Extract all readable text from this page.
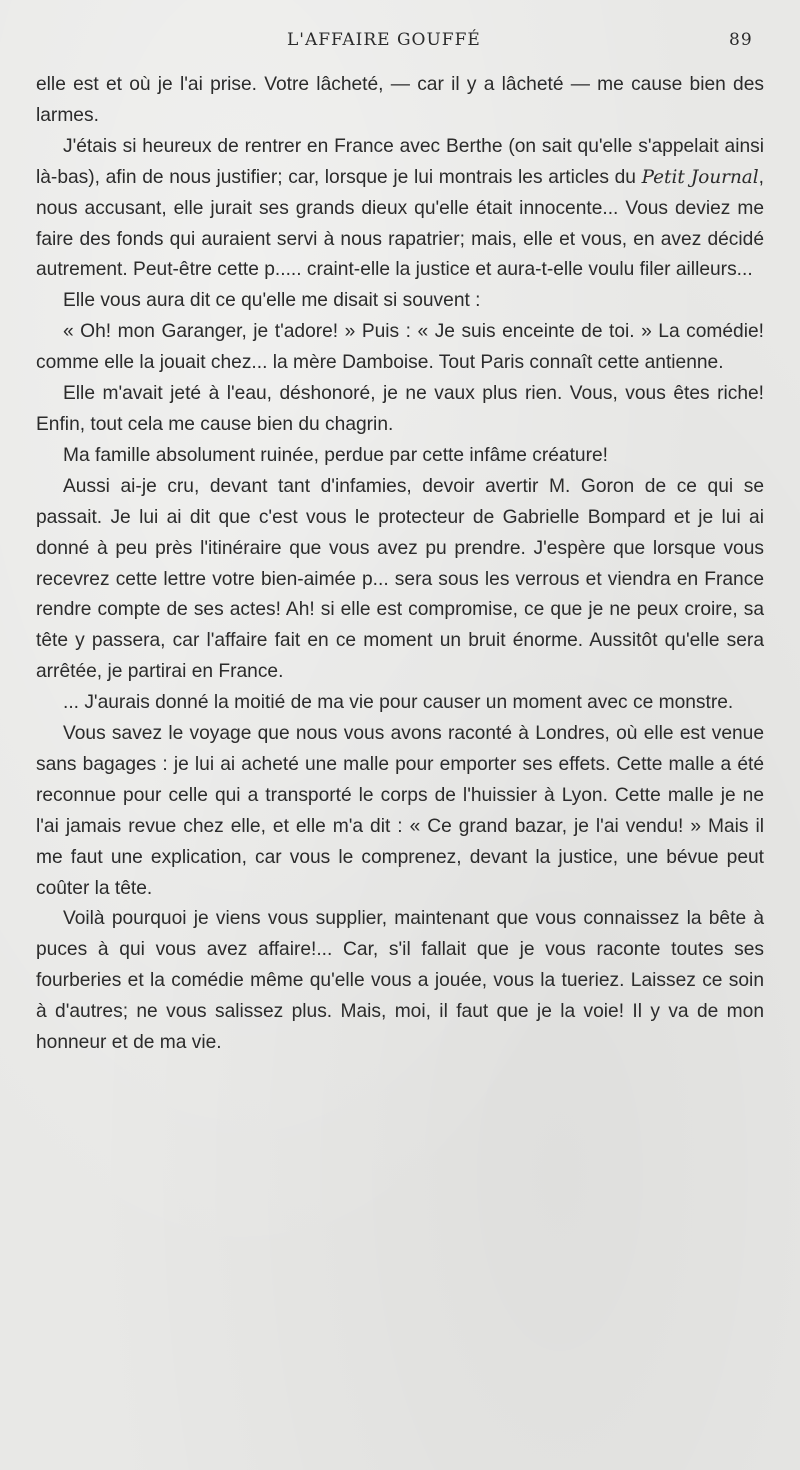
L'AFFAIRE GOUFFÉ	89

elle est et où je l'ai prise. Votre lâcheté, — car il y a lâcheté — me cause bien des larmes.

J'étais si heureux de rentrer en France avec Berthe (on sait qu'elle s'appelait ainsi là-bas), afin de nous justifier; car, lorsque je lui montrais les articles du Petit Journal, nous accusant, elle jurait ses grands dieux qu'elle était innocente... Vous deviez me faire des fonds qui auraient servi à nous rapatrier; mais, elle et vous, en avez décidé autrement. Peut-être cette p..... craint-elle la justice et aura-t-elle voulu filer ailleurs...

Elle vous aura dit ce qu'elle me disait si souvent :

« Oh! mon Garanger, je t'adore! » Puis : « Je suis enceinte de toi. » La comédie! comme elle la jouait chez... la mère Damboise. Tout Paris connaît cette antienne.

Elle m'avait jeté à l'eau, déshonoré, je ne vaux plus rien. Vous, vous êtes riche! Enfin, tout cela me cause bien du chagrin.

Ma famille absolument ruinée, perdue par cette infâme créature!

Aussi ai-je cru, devant tant d'infamies, devoir avertir M. Goron de ce qui se passait. Je lui ai dit que c'est vous le protecteur de Gabrielle Bompard et je lui ai donné à peu près l'itinéraire que vous avez pu prendre. J'espère que lorsque vous recevrez cette lettre votre bien-aimée p... sera sous les verrous et viendra en France rendre compte de ses actes! Ah! si elle est compromise, ce que je ne peux croire, sa tête y passera, car l'affaire fait en ce moment un bruit énorme. Aussitôt qu'elle sera arrêtée, je partirai en France.

... J'aurais donné la moitié de ma vie pour causer un moment avec ce monstre.

Vous savez le voyage que nous vous avons raconté à Londres, où elle est venue sans bagages : je lui ai acheté une malle pour emporter ses effets. Cette malle a été reconnue pour celle qui a transporté le corps de l'huissier à Lyon. Cette malle je ne l'ai jamais revue chez elle, et elle m'a dit : « Ce grand bazar, je l'ai vendu! » Mais il me faut une explication, car vous le comprenez, devant la justice, une bévue peut coûter la tête.

Voilà pourquoi je viens vous supplier, maintenant que vous connaissez la bête à puces à qui vous avez affaire!... Car, s'il fallait que je vous raconte toutes ses fourberies et la comédie même qu'elle vous a jouée, vous la tueriez. Laissez ce soin à d'autres; ne vous salissez plus. Mais, moi, il faut que je la voie! Il y va de mon honneur et de ma vie.
